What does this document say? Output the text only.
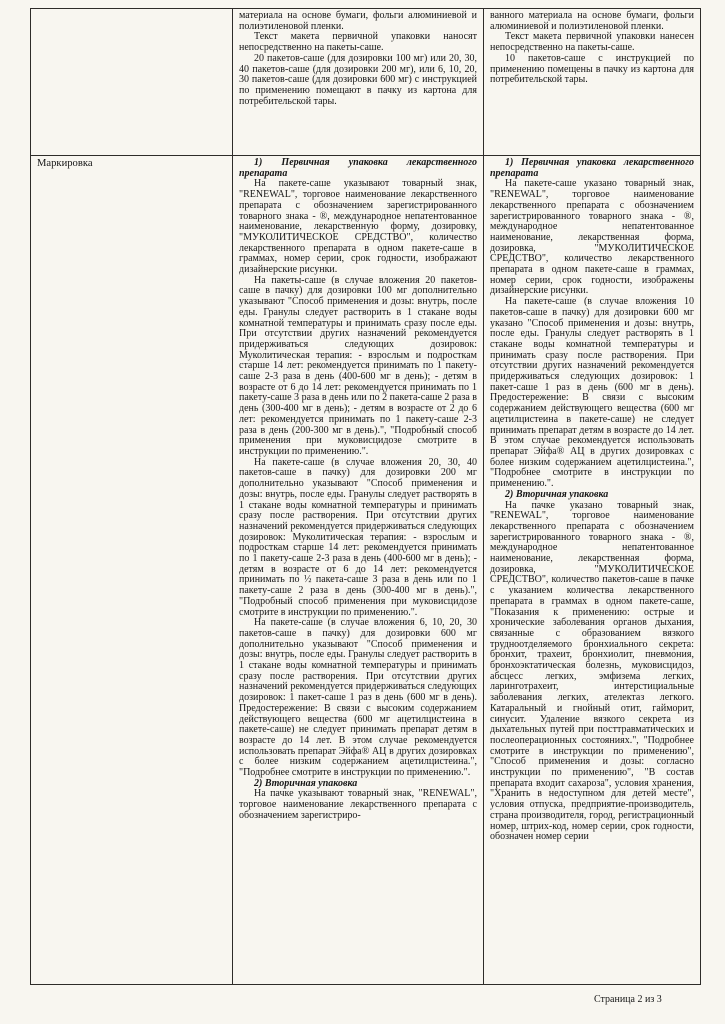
материала на основе бумаги, фольги алюминиевой и полиэтиленовой пленки.

Текст макета первичной упаковки наносят непосредственно на пакеты-саше.

20 пакетов-саше (для дозировки 100 мг) или 20, 30, 40 пакетов-саше (для дозировки 200 мг), или 6, 10, 20, 30 пакетов-саше (для дозировки 600 мг) с инструкцией по применению помещают в пачку из картона для потребительской тары.

ванного материала на основе бумаги, фольги алюминиевой и полиэтиленовой пленки.

Текст макета первичной упаковки нанесен непосредственно на пакеты-саше.

10 пакетов-саше с инструкцией по применению помещены в пачку из картона для потребительской тары.

Маркировка	1) Первичная упаковка лекарственного препарата

На пакете-саше указывают товарный знак, "RENEWAL", торговое наименование лекарственного препарата с обозначением зарегистрированного товарного знака - ®, международное непатентованное наименование, лекарственную форму, дозировку, "МУКОЛИТИЧЕСКОЕ СРЕДСТВО", количество лекарственного препарата в одном пакете-саше в граммах, номер серии, срок годности, изображают дизайнерские рисунки.

На пакеты-саше (в случае вложения 20 пакетов-саше в пачку) для дозировки 100 мг дополнительно указывают "Способ применения и дозы: внутрь, после еды. Гранулы следует растворить в 1 стакане воды комнатной температуры и принимать сразу после еды. При отсутствии других назначений рекомендуется придерживаться следующих дозировок: Муколитическая терапия: - взрослым и подросткам старше 14 лет: рекомендуется принимать по 1 пакету-саше 2-3 раза в день (400-600 мг в день); - детям в возрасте от 6 до 14 лет: рекомендуется принимать по 1 пакету-саше 3 раза в день или по 2 пакета-саше 2 раза в день (300-400 мг в день); - детям в возрасте от 2 до 6 лет: рекомендуется принимать по 1 пакету-саше 2-3 раза в день (200-300 мг в день).", "Подробный способ применения при муковисцидозе смотрите в инструкции по применению.".

На пакете-саше (в случае вложения 20, 30, 40 пакетов-саше в пачку) для дозировки 200 мг дополнительно указывают "Способ применения и дозы: внутрь, после еды. Гранулы следует растворять в 1 стакане воды комнатной температуры и принимать сразу после растворения. При отсутствии других назначений рекомендуется придерживаться следующих дозировок: Муколитическая терапия: - взрослым и подросткам старше 14 лет: рекомендуется принимать по 1 пакету-саше 2-3 раза в день (400-600 мг в день); - детям в возрасте от 6 до 14 лет: рекомендуется принимать по ½ пакета-саше 3 раза в день или по 1 пакету-саше 2 раза в день (300-400 мг в день).", "Подробный способ применения при муковисцидозе смотрите в инструкции по применению.".

На пакете-саше (в случае вложения 6, 10, 20, 30 пакетов-саше в пачку) для дозировки 600 мг дополнительно указывают "Способ применения и дозы: внутрь, после еды. Гранулы следует растворить в 1 стакане воды комнатной температуры и принимать сразу после растворения. При отсутствии других назначений рекомендуется придерживаться следующих дозировок: 1 пакет-саше 1 раз в день (600 мг в день). Предостережение: В связи с высоким содержанием действующего вещества (600 мг ацетилцистеина в пакете-саше) не следует принимать препарат детям в возрасте до 14 лет. В этом случае рекомендуется использовать препарат Эйфа® АЦ в других дозировках с более низким содержанием ацетилцистеина.", "Подробнее смотрите в инструкции по применению.".

2) Вторичная упаковка

На пачке указывают товарный знак, "RENEWAL", торговое наименование лекарственного препарата с обозначением зарегистриро-

1) Первичная упаковка лекарственного препарата

На пакете-саше указано товарный знак, "RENEWAL", торговое наименование лекарственного препарата с обозначением зарегистрированного товарного знака - ®, международное непатентованное наименование, лекарственная форма, дозировка, "МУКОЛИТИЧЕСКОЕ СРЕДСТВО", количество лекарственного препарата в одном пакете-саше в граммах, номер серии, срок годности, изображены дизайнерские рисунки.

На пакете-саше (в случае вложения 10 пакетов-саше в пачку) для дозировки 600 мг указано "Способ применения и дозы: внутрь, после еды. Гранулы следует растворять в 1 стакане воды комнатной температуры и принимать сразу после растворения. При отсутствии других назначений рекомендуется придерживаться следующих дозировок: 1 пакет-саше 1 раз в день (600 мг в день). Предостережение: В связи с высоким содержанием действующего вещества (600 мг ацетилцистеина в пакете-саше) не следует принимать препарат детям в возрасте до 14 лет. В этом случае рекомендуется использовать препарат Эйфа® АЦ в других дозировках с более низким содержанием ацетилцистеина.", "Подробнее смотрите в инструкции по применению.".

2) Вторичная упаковка

На пачке указано товарный знак, "RENEWAL", торговое наименование лекарственного препарата с обозначением зарегистрированного товарного знака - ®, международное непатентованное наименование, лекарственная форма, дозировка, "МУКОЛИТИЧЕСКОЕ СРЕДСТВО", количество пакетов-саше в пачке с указанием количества лекарственного препарата в граммах в одном пакете-саше, "Показания к применению: острые и хронические заболевания органов дыхания, связанные с образованием вязкого трудноотделяемого бронхиального секрета: бронхит, трахеит, бронхиолит, пневмония, бронхоэктатическая болезнь, муковисцидоз, абсцесс легких, эмфизема легких, ларинготрахеит, интерстициальные заболевания легких, ателектаз легкого. Катаральный и гнойный отит, гайморит, синусит. Удаление вязкого секрета из дыхательных путей при посттравматических и послеоперационных состояниях.", "Подробнее смотрите в инструкции по применению", "Способ применения и дозы: согласно инструкции по применению", "В состав препарата входит сахароза", условия хранения, "Хранить в недоступном для детей месте", условия отпуска, предприятие-производитель, страна производителя, город, регистрационный номер, штрих-код, номер серии, срок годности, обозначен номер серии

Страница 2 из 3
